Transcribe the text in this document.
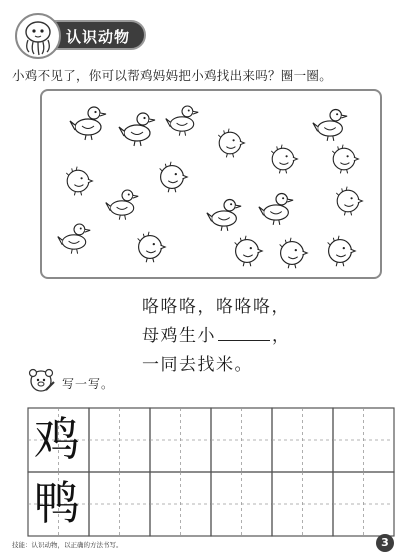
认识动物
小鸡不见了，你可以帮鸡妈妈把小鸡找出来吗？圈一圈。
咯咯咯，咯咯咯，
母鸡生小	，
一同去找米。
写一写。
鸡
鸭
技能：认识动物，以正确的方法书写。	3
